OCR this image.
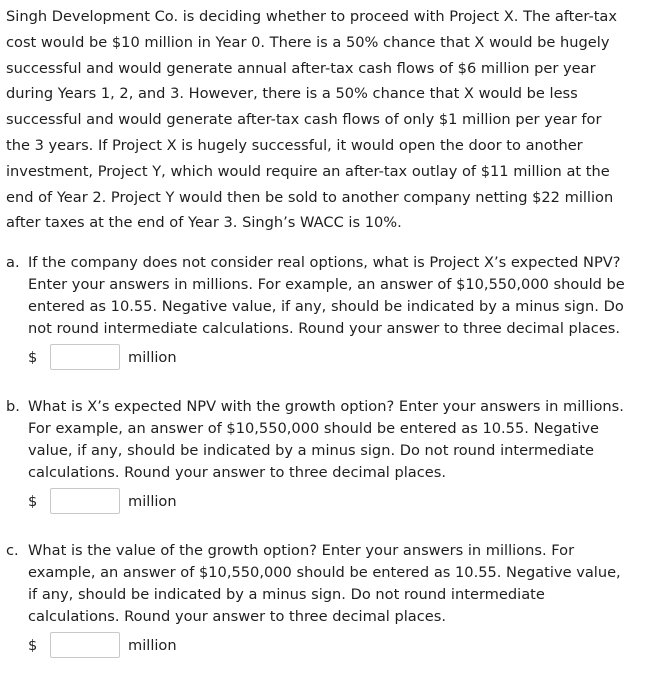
Singh Development Co. is deciding whether to proceed with Project X. The after-tax
cost would be $10 million in Year 0. There is a 50% chance that X would be hugely
successful and would generate annual after-tax cash flows of $6 million per year
during Years 1, 2, and 3. However, there is a 50% chance that X would be less
successful and would generate after-tax cash flows of only $1 million per year for
the 3 years. If Project X is hugely successful, it would open the door to another
investment, Project Y, which would require an after-tax outlay of $11 million at the
end of Year 2. Project Y would then be sold to another company netting $22 million
after taxes at the end of Year 3. Singh’s WACC is 10%.
a. If the company does not consider real options, what is Project X’s expected NPV?
Enter your answers in millions. For example, an answer of $10,550,000 should be
entered as 10.55. Negative value, if any, should be indicated by a minus sign. Do
not round intermediate calculations. Round your answer to three decimal places.
$	million
b. What is X’s expected NPV with the growth option? Enter your answers in millions.
For example, an answer of $10,550,000 should be entered as 10.55. Negative
value, if any, should be indicated by a minus sign. Do not round intermediate
calculations. Round your answer to three decimal places.
$	million
c. What is the value of the growth option? Enter your answers in millions. For
example, an answer of $10,550,000 should be entered as 10.55. Negative value,
if any, should be indicated by a minus sign. Do not round intermediate
calculations. Round your answer to three decimal places.
$	million
